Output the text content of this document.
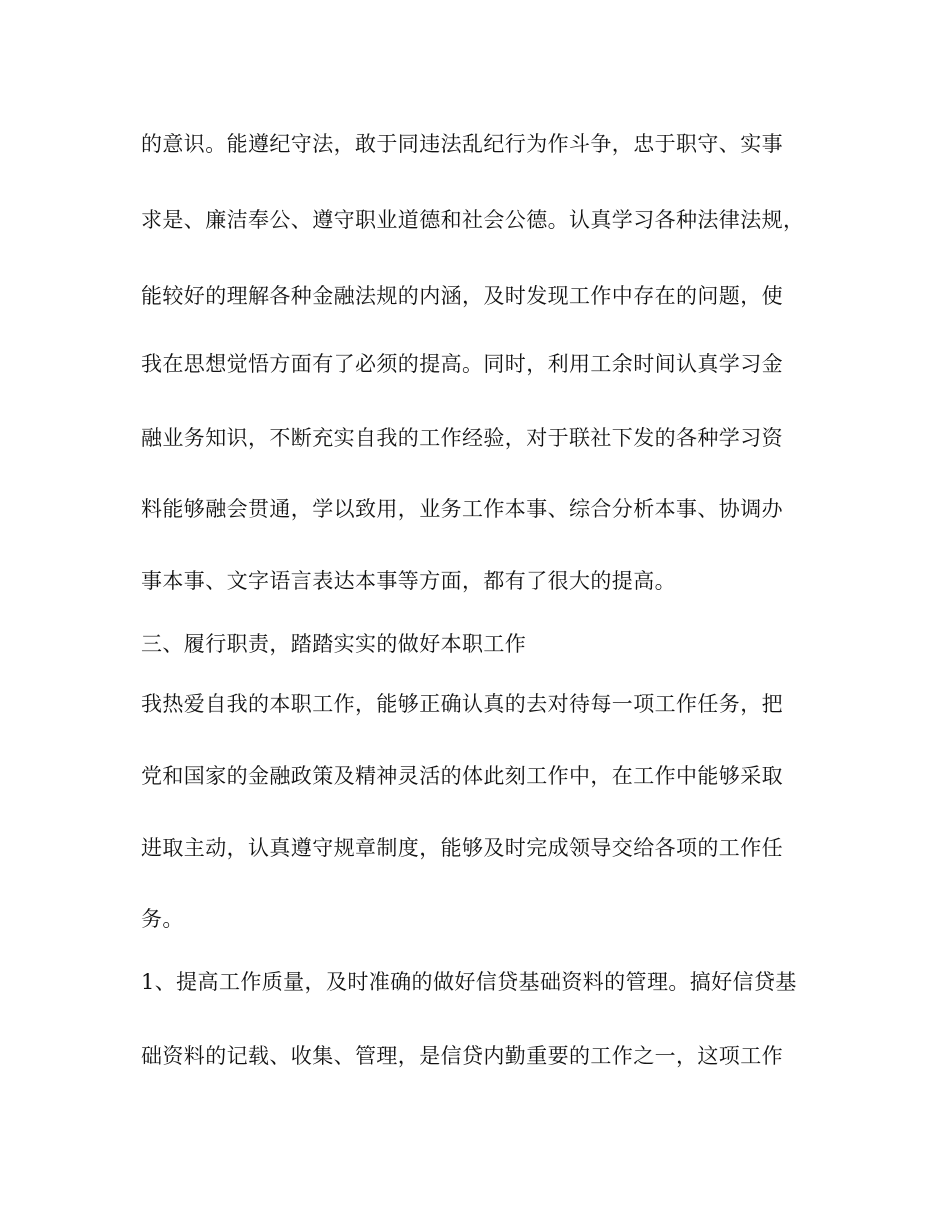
的意识。能遵纪守法，敢于同违法乱纪行为作斗争，忠于职守、实事

求是、廉洁奉公、遵守职业道德和社会公德。认真学习各种法律法规，

能较好的理解各种金融法规的内涵，及时发现工作中存在的问题，使

我在思想觉悟方面有了必须的提高。同时，利用工余时间认真学习金

融业务知识，不断充实自我的工作经验，对于联社下发的各种学习资

料能够融会贯通，学以致用，业务工作本事、综合分析本事、协调办

事本事、文字语言表达本事等方面，都有了很大的提高。

三、履行职责，踏踏实实的做好本职工作

我热爱自我的本职工作，能够正确认真的去对待每一项工作任务，把

党和国家的金融政策及精神灵活的体此刻工作中，在工作中能够采取

进取主动，认真遵守规章制度，能够及时完成领导交给各项的工作任

务。

1、提高工作质量，及时准确的做好信贷基础资料的管理。搞好信贷基

础资料的记载、收集、管理，是信贷内勤重要的工作之一，这项工作
